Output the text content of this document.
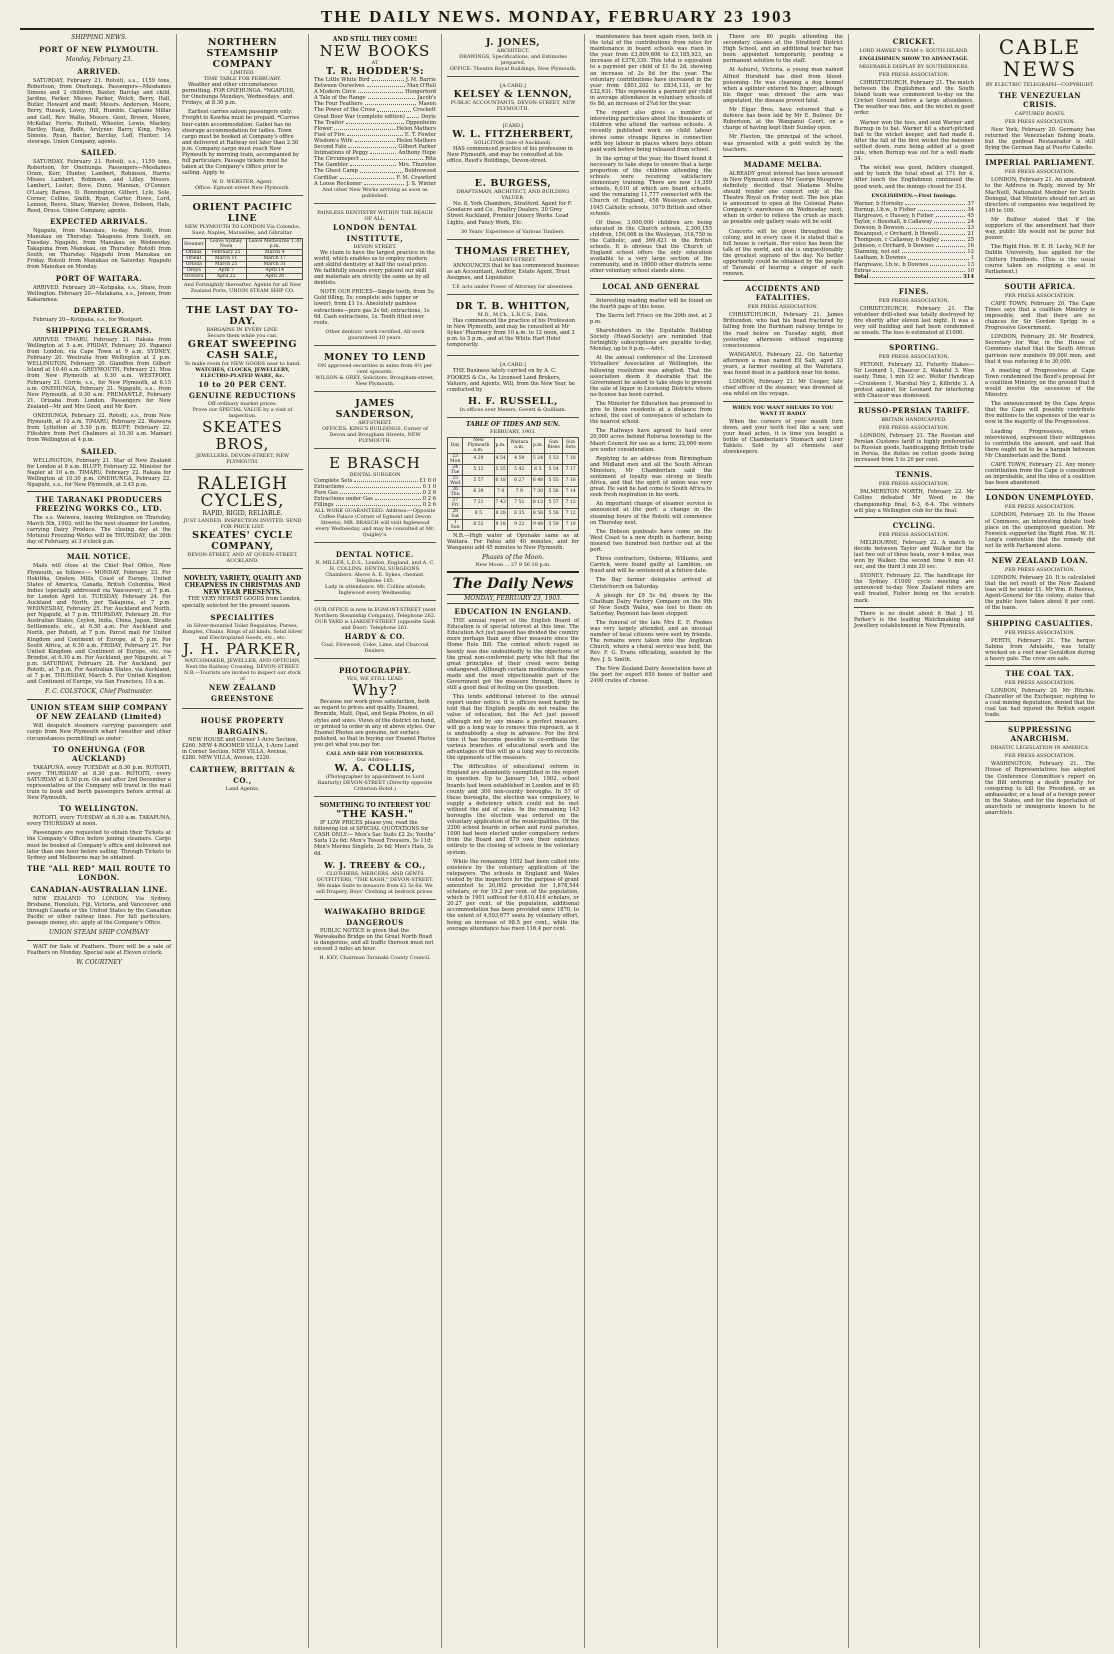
THE DAILY NEWS. MONDAY, FEBRUARY 23 1903
SHIPPING NEWS.
PORT OF NEW PLYMOUTH.
Monday, February 23.
ARRIVED.

SATURDAY, February 21. Rotoiti, s.s., 1159 tons, Robertson, from Onehunga. Passengers—Mesdames Simons and 2 children, Baxter, Barclay and child, Jardine, Parker, Misses Parker, Welch, Berry, Hall, Butler, Howard and maid; Messrs. Anderson, Moore, Berry, Rusack, Lovey, Hill, Humble. Captains Millar and Gell, Rev. Wallis, Messrs. Gent, Brown, Moore, McKellar, Ferris, Ruthell, Wheeler, Lewis, Mackey, Bartley, Haig, Roffe, Arvlyner. Barry, King, Foley, Simons, Ryan, Baxter, Barclay, Loff, Hunter; 14 steerage. Union Company, agents.

SAILED.

SATURDAY, February 21. Rotoiti, s.s., 1159 tons, Robertson, for Onehunga. Passengers—Mesdames Oram, Kerr, Hunter, Lambert, Robinson, Harris; Misses Lambert, Robinson, and Lilley. Messrs. Lambert, Lester, Bove, Dunn, Mannan, O'Connor, O'Leary, Barnes, D. Bonnington, Gilbert, Lyle, Sole, Corner, Collins, Smith, Ryan, Carter, Howe, Lord, Lennon, Reeve, Shaw, Wareler, Dowse, Dobson, Hale, Reed, Druce. Union Company, agents.

EXPECTED ARRIVALS.

Ngapuhi, from Manukau, to-day. Rotoiti, from Manukau on Thursday. Takapuna from South, on Tuesday. Ngapuhi, from Manukau on Wednesday. Takapuna from Manukau, on Thursday. Rotoiti from South, on Thursday. Ngapuhi from Manukau on Friday. Rotoiti from Manukau on Saturday. Ngapuhi from Manukau on Monday.

PORT OF WAITARA.

ARRIVED. February 20—Kotipaka, s.s., Shaw, from Wellington. February 20—Matakana, s.s., Jensen, from Kakaramea.

DEPARTED.

February 20—Kotipaka, s.s., for Westport.

SHIPPING TELEGRAMS.

ARRIVED. TIMARU, February 21. Rakaia from Wellington at 5 a.m. FRIDAY, February 20. Papanui from London, via Cape Town at 9 a.m. SYDNEY, February 20. Westralia from Wellington at 2 p.m. WELLINGTON, February 20. Glandfon from Gilbert Island at 10.40 a.m. GREYMOUTH, February 21. Moa from New Plymouth at 6.30 a.m. WESTPORT, February 21. Corrie, s.s., for New Plymouth, at 6.15 a.m. ONEHUNGA, February 21. Ngapuhi, s.s., from New Plymouth, at 9.30 a.m. FREMANTLE, February 21. Orizaba from London. Passengers for New Zealand—Mr and Mrs Good, and Mr Kerr.

ONEHUNGA, February 22. Rotoiti, s.s., from New Plymouth, at 10 a.m. TIMARU, February 22. Waiwera from Lyttelton at 5.50 p.m. BLUFF, February 22. Fifeshire from Port Chalmers at 10.30 a.m. Mamari from Wellington at 4 p.m.

SAILED.

WELLINGTON, February 21. Star of New Zealand for London at 8 a.m. BLUFF, February 22. Minister for Napier at 10 a.m. TIMARU, February 22. Rakaia for Wellington at 10.30 p.m. ONEHUNGA, February 22. Ngapuhi, s.s., for New Plymouth, at 3.45 p.m.

THE TARANAKI PRODUCERS FREEZING WORKS CO., LTD.

The s.s. Waiwera, leaving Wellington on Thursday, March 5th, 1903, will be the next steamer for London, carrying Dairy Produce. The closing day at the Motunui Freezing Works will be THURSDAY, the 26th day of February, at 3 o'clock p.m.

MAIL NOTICE.

Mails will close at the Chief Post Office, New Plymouth, as follows:— MONDAY, February 23. For Hokitika, Onslow, Mills, Coast of Europe, United States of America, Canada, British Columbia, West Indies (specially addressed via Vancouver), at 7 p.m. for London April 1st. TUESDAY, February 24. For Auckland and North, per Takapuna, at 7 p.m. WEDNESDAY, February 25. For Auckland and North, per Ngapuhi, at 7 p.m. THURSDAY, February 26. For Australian States, Ceylon, India, China, Japan, Straits Settlements, etc., at 6.30 a.m. For Auckland and North, per Rotoiti, at 7 p.m. Parcel mail for United Kingdom and Continent of Europe, at 5 p.m. For South Africa, at 6.30 a.m. FRIDAY, February 27. For United Kingdom and Continent of Europe, etc. via Brindisi, at 6.30 a.m. For Auckland, per Ngapuhi, at 7 p.m. SATURDAY, February 28. For Auckland, per Rotoiti, at 7 p.m. For Australian States, via Auckland, at 7 p.m. THURSDAY, March 5. For United Kingdom and Continent of Europe, via San Francisco, 10 a.m.

F. C. COLSTOCK, Chief Postmaster.
UNION STEAM SHIP COMPANY OF NEW ZEALAND (Limited)

Will despatch steamers carrying passengers and cargo from New Plymouth wharf (weather and other circumstances permitting) as under:

TO ONEHUNGA (FOR AUCKLAND)

TAKAPUNA, every TUESDAY at 8.30 p.m. ROTOITI, every THURSDAY at 8.30 p.m. ROTOITI, every SATURDAY at 8.30 p.m. On and after 2nd December a representative of the Company will travel in the mail train to book and berth passengers before arrival at New Plymouth.

TO WELLINGTON.

ROTOITI, every TUESDAY at 6.30 a.m. TAKAPUNA, every THURSDAY at noon.

Passengers are requested to obtain their Tickets at the Company's Office before joining steamers. Cargo must be booked at Company's office and delivered not later than one hour before sailing. Through Tickets to Sydney and Melbourne may be obtained.

THE "ALL RED" MAIL ROUTE TO LONDON.
CANADIAN-AUSTRALIAN LINE.

NEW ZEALAND TO LONDON, Via Sydney, Brisbane, Honolulu, Fiji, Victoria, and Vancouver, and through Canada or the United States by the Canadian Pacific or other railway lines. For full particulars, passage money, etc. apply at the Company's Office.

UNION STEAM SHIP COMPANY

WAIT for Sale of Feathers. There will be a sale of Feathers on Monday. Special sale at Eleven o'clock.

W. COURTNEY
NORTHERN STEAMSHIP COMPANY
LIMITED.
TIME TABLE FOR FEBRUARY.

Weather and other circumstances permitting. FOR ONEHUNGA. *NGAPUHI, for Onehunga Mondays, Wednesdays, and Fridays, at 8.30 p.m.

Earliest carries saloon passengers only. Freight to Kawhia must be prepaid. *Carries four-cabin accommodation. Gaikoi has no steerage accommodation for ladies. Town cargo must be booked at Company's office and delivered at Railway not later than 2.30 p.m. Company cargo must reach New Plymouth by morning train, accompanied by full particulars. Passage tickets must be taken at the Company's Office prior to sailing. Apply to

W. D. WEBSTER, Agent.
Office: Egmont-street New Plymouth.
ORIENT PACIFIC LINE
NEW PLYMOUTH TO LONDON Via Colombo, Suez, Naples, Marseilles, and Gibraltar.
Steamer	Leave Sydney Noon	Leave Melbourne 1.30 p.m.
Ormuz	February 25	March 4
Orient	March 11	March 17
Ortona	March 25	March 31
Oroya	April 7	April 14
Orotava	April 22	April 28
And Fortnightly thereafter. Agents for all New Zealand Ports, UNION STEAM SHIP CO.
THE LAST DAY TO-DAY.
BARGAINS IN EVERY LINE.
Secure them while you can.
GREAT SWEEPING CASH SALE,
To make room for NEW GOODS near to hand.
WATCHES, CLOCKS, JEWELLERY, ELECTRO-PLATED WARE, &c.
10 to 20 PER CENT. GENUINE REDUCTIONS
Off ordinary market prices.
Prove our SPECIAL VALUE by a visit of inspection.
SKEATES BROS,
JEWELLERS, DEVON-STREET, NEW PLYMOUTH.
RALEIGH CYCLES,
RAPID, RIGID, RELIABLE.
JUST LANDED. INSPECTION INVITED. SEND FOR PRICE LIST.
SKEATES' CYCLE COMPANY,
DEVON-STREET, AND AT QUEEN-STREET, AUCKLAND.
NOVELTY, VARIETY, QUALITY AND CHEAPNESS IN CHRISTMAS AND NEW YEAR PRESENTS.

THE VERY NEWEST GOODS from London, specially selected for the present season.

SPECIALITIES
In Silver-mounted Toilet Requisites, Purses, Bangles, Chains, Rings of all kinds, Solid Silver and Electroplated Goods, etc., etc.
J. H. PARKER,
WATCHMAKER, JEWELLER, AND OPTICIAN, Next the Railway Crossing, DEVON-STREET.
N.B.—Tourists are invited to inspect our stock of
NEW ZEALAND GREENSTONE
HOUSE PROPERTY BARGAINS.

NEW HOUSE and Corner 1-Acre Section, £260. NEW 4-ROOMED VILLA, 1-Acre Land in Corner Section. NEW VILLA, Avenue, £280. NEW VILLA, Avenue, £220.

CARTHEW, BRITTAIN & CO.,
Land Agents.
AND STILL THEY COME!
NEW BOOKS
AT
T. R. HODDER'S:
The Little White Bird	J. M. Barrie
Between Ourselves	Max O'Rell
A Modern Circe	Hungerford
A Tale of the Range	Jacob's
The Four Feathers	Mason
The Power of the Cross	Crockett
Great Boer War (complete edition)	Doyle
The Traitor	Oppenheim
Flower	Helen Mathers
Fuel of Fire	E. T. Fowler
Wisdom's Wife	Helen Mathers
Second Fate	Gilbert Parker
Intimations of Peggy	Anthony Hope
The Circumspect	Rita
The Gambler	Mrs. Thurston
The Ghost Camp	Boldrewood
Cardillac	F. M. Crawford
A Loose Reckoner	J. S. Winter
And other New Works arriving as soon as published.
PAINLESS DENTISTRY WITHIN THE REACH OF ALL.
LONDON DENTAL INSTITUTE,
DEVON STREET.

We claim to have the largest practice in the world, which enables us to employ modern and skilful dentistry at half the usual price. We faithfully ensure every patient our skill and materials are strictly the same as by all dentists.

NOTE OUR PRICES—Single tooth, from 5s; Gold filling, 5s; complete sets (upper or lower), from £1 1s. Absolutely painless extractions—pure gas 2s 6d; extractions, 1s 6d. Cash extractions, 1s. Tooth fitted over roots.

Other dentists' work rectified. All work guaranteed 10 years.
MONEY TO LEND
ON approved securities in sums from 4½ per cent upwards.
WILSON & GREY, Solicitors, Brougham-street, New Plymouth.
JAMES SANDERSON,
ART-STREET.
OFFICES: KING'S BUILDINGS. Corner of Devon and Brougham Streets, NEW PLYMOUTH.
E BRASCH
DENTAL SURGEON
Complete Sets	£1 0 0
Extractions	0 1 0
Pure Gas	0 2 6
Extractions under Gas	0 2 6
Fillings	0 2 6
ALL WORK GUARANTEED. Address:—Opposite Coffee Palace (Corner of Egmont and Devon Streets). MR. BRASCH will visit Inglewood every Wednesday, and may be consulted at Mr. Quigley's.
DENTAL NOTICE.
N. MILLER, L.D.S., London, England, and A. C. H. COLLINS, DENTAL SURGEONS.
Chambers: Above A. E. Sykes, chemist. Telephone 185.
Lady in attendance. Mr. Collins attends Inglewood every Wednesday.
OUR OFFICE is now in EGMONT-STREET (next Northern Steamship Company). Telephone 262.
OUR YARD is LIARDET-STREET (opposite Sash and Door). Telephone 261.
HARDY & CO.
Coal, Firewood, Coke, Lime, and Charcoal Dealers.
PHOTOGRAPHY.
YES, WE STILL LEAD.
Why?

Because our work gives satisfaction, both as regard to prices and quality. Enamel, Bromide, Matt, Opal, and Sepia Photos, in all styles and sizes. Views of the district on hand, or printed to order in any of above styles. Our Enamel Photos are genuine, not surface polished, so that in buying our Enamel Photos you get what you pay for.

CALL AND SEE FOR YOURSELVES.
Our Address—
W. A. COLLIS,
(Photographer by appointment to Lord Ranfurly) DEVON-STREET (Directly opposite Criterion Hotel.)
SOMETHING TO INTEREST YOU
"THE KASH."

IF LOW PRICES please you, read the following list of SPECIAL QUOTATIONS for CASH ONLY:— Men's Sac Suits £2 2s; Youths' Suits 12s 6d; Men's Tweed Trousers, 5s 11d; Men's Merino Singlets, 2s 6d; Men's Hats, 3s 6d.

W. J. TREEBY & CO.,
CLOTHIERS, MERCERS, AND GENTS OUTFITTERS, "THE KASH," DEVON-STREET.
We make Suits to measure from £2 5s 6d. We sell Drapery, Boys' Clothing at bedrock prices.
WAIWAKAIHO BRIDGE DANGEROUS

PUBLIC NOTICE is given that the Waiwakaiho Bridge on the Great North Road is dangerous, and all traffic thereon must not exceed 3 miles an hour.

H. KEY, Chairman Taranaki County Council.
J. JONES,
ARCHITECT.
DRAWINGS, Specifications, and Estimates prepared.
OFFICE: Theatre Royal Buildings, New Plymouth.
[A CARD.]
KELSEY & LENNON,
PUBLIC ACCOUNTANTS, DEVON-STREET, NEW PLYMOUTH.
[CARD.]
W. L. FITZHERBERT,
SOLICITOR (late of Auckland).

HAS commenced practice of his profession in New Plymouth, and may be consulted at his office, Reed's Buildings, Devon-street.

E. BURGESS,
DRAFTSMAN, ARCHITECT, AND BUILDING VALUER.

No. 8, York Chambers, Stratford. Agent for F. Goodacre and Co., Poultry Dealers, 30 Grey Street Auckland, Premier Joinery Works. Lead Lights, and Fancy Work, Etc.

30 Years' Experience of Various Timbers.
THOMAS FRETHEY,
LIARDET-STREET.

ANNOUNCES that he has commenced business as an Accountant, Auditor, Estate Agent, Trust Assignee, and Liquidator.

T.F. acts under Power of Attorney for absentees.
DR T. B. WHITTON,
M.D., M.Ch., L.R.C.S., Edin.

Has commenced the practice of his Profession in New Plymouth, and may be consulted at Mr Sykes' Pharmacy from 10 a.m. to 12 noon, and 3 p.m. to 5 p.m., and at the White Hart Hotel temporarily.

[A CARD.]

THE Business lately carried on by A. C. FOOKES & Co., As Licensed Land Brokers, Valuers, and Agents, Will, from the New Year, be conducted by

H. F. RUSSELL,
In offices over Messrs. Govett & Quilliam.
TABLE OF TIDES AND SUN.
FEBRUARY, 1903.
Day	New Plymouth a.m.	p.m.	Waitara a.m.	p.m.	Sun Rises	Sun Sets
23 Mon	4 29	4 54	4 59	5 24	5 53	7 18
24 Tue	5 12	5 35	5 42	6 5	5 54	7 17
25 Wed	5 57	6 18	6 27	6 48	5 55	7 16
26 Thu	6 39	7 0	7 9	7 30	5 56	7 14
27 Fri	7 21	7 43	7 51	8 13	5 57	7 13
28 Sat	8 5	8 28	8 35	8 58	5 58	7 12
1 Sun	8 52	9 18	9 22	9 48	5 59	7 10

N.B.—High water at Opunake same as at Waitara. For Patea add 40 minutes, and for Wanganui add 45 minutes to New Plymouth.

Phases of the Moon.
New Moon ... 27 9 56 18 p.m.
The Daily News
MONDAY, FEBRUARY 23, 1903.
EDUCATION IN ENGLAND.

THE annual report of the English Board of Education is of special interest at this time. The Education Act just passed has divided the country more perhaps than any other measure since the Home Rule Bill. The contest which raged so keenly was due undoubtedly to the objections of the great non-conformist party who felt that the great principles of their creed were being endangered. Although certain modifications were made and the most objectionable part of the Government got the measure through, there is still a good deal of feeling on the question.

This lends additional interest to the annual report under notice. It is officers need hardly be told that the English people do not realise the value of education, but the Act just passed although not by any means a perfect measure, will go a long way to remove this reproach, as it is undoubtedly a step in advance. For the first time it has become possible to co-ordinate the various branches of educational work and the advantages of this will go a long way to reconcile the opponents of the measure.

The difficulties of educational reform in England are abundantly exemplified in the report in question. Up to January 1st, 1902, school boards had been established in London and in 65 county and 300 non-county boroughs. In 57 of these boroughs, the election was compulsory, to supply a deficiency which could not be met without the aid of rates. In the remaining 143 boroughs the election was ordered on the voluntary application of the municipalities. Of the 2300 school boards in urban and rural parishes, 1000 had been elected under compulsory orders from the Board and 879 owe their existence entirely to the closing of schools in the voluntary system.

While the remaining 1052 had been called into existence by the voluntary application of the ratepayers. The schools in England and Wales visited by the inspectors for the purpose of grant amounted to 20,062 provided for 1,878,544 scholars, or for 19.2 per cent. of the population, which in 1901 sufficed for 6,610,416 scholars, or 20.27 per cent. of the population, additional accommodation has been provided since 1870, to the extent of 4,503,677 seats by voluntary effort, being an increase of 98.5 per cent., while the average attendance has risen 116.4 per cent.

maintenance has been again risen, both in the total of the contributions from rates for maintenance in board schools was risen in the year from £3,809,606 to £3,185,923, an increase of £376,339. This total is equivalent to a payment per child of £1 8s 2d, showing an increase of 2s 8d for the year. The voluntary contributions have increased in the year from £801,202 to £834,133, or by £32,931. This represents a payment per child in average attendance in voluntary schools of 6s 8d, an increase of 2¾d for the year.

The report also gives a number of interesting particulars about the thousands of children who attend the various schools. A recently published work on child labour shows some strange figures in connection with boy labour in places where boys obtain paid work before being released from school.

In the spring of the year, the Board found it necessary to take steps to ensure that a large proportion of the children attending the schools were receiving satisfactory elementary training. There are now 14,359 schools, 6,010 of which are board schools, and the remaining 11,777 connected with the Church of England, 458 Wesleyan schools, 1045 Catholic schools, 1079 British and other schools.

Of these, 3,000,000 children are being educated in the Church schools, 2,300,155 children, 156,068 in the Wesleyan, 316,750 in the Catholic, and 369,421 in the British schools. It is obvious that the Church of England school offers the only education available to a very large section of the community, and in 18000 other districts some other voluntary school stands alone.

LOCAL AND GENERAL

Interesting reading matter will be found on the fourth page of this issue.

The Sierra left Frisco on the 20th inst. at 2 p.m.

Shareholders in the Equitable Building Society (Head-Society) are reminded that fortnightly subscriptions are payable to-day, Monday, up to 9 p.m.—Advt.

At the annual conference of the Licensed Victuallers' Association at Wellington, the following resolution was adopted: That the association deem it desirable that the Government be asked to take steps to prevent the sale of liquor in Licensing Districts where no-license has been carried.

The Minister for Education has promised to give to those residents at a distance from school, the cost of conveyance of scholars to the nearest school.

The Railways have agreed to haul over 20,000 acres behind Rotorua township to the Maori Council for use as a farm; 22,000 more are under consideration.

Replying to an address from Birmingham and Midland men and all the South African Ministers, Mr Chamberlain said the sentiment of loyalty was strong in South Africa, and that the spirit of union was very great. He said he had come to South Africa to seek fresh inspiration in his work.

An important change of steamer service is announced at the port: a change in the steaming hours of the Rotoiti will commence on Thursday next.

The Dobson gunboats have come on the West Coast to a new depth in harbour, being moored two hundred feet further out at the port.

Three contractors, Osborne, Williams, and Carrick, were found guilty at Lambton, on fraud and will be sentenced at a future date.

The Bay farmer delegates arrived at Christchurch on Saturday.

A plough for £9 5s 6d, drawn by the Chatham Dairy Factory Company on the 9th of New South Wales, was lost to them on Saturday. Payment has been stopped.

The funeral of the late Mrs E. F. Fookes was very largely attended, and an unusual number of local citizens were sent by friends. The remains were taken into the Anglican Church, where a choral service was held, the Rev. F. G. Evans officiating, assisted by the Rev. J. S. Smith.

The New Zealand Dairy Association have at the port for export 650 boxes of butter and 2400 crates of cheese.

There are 80 pupils attending the secondary classes at the Stratford District High School, and an additional teacher has been appointed temporarily, pending a permanent solution to the staff.

At Ashurst, Victoria, a young man named Alfred Horsfield has died from blood-poisoning. He was cleaning a dog kennel when a splinter entered his finger; although his finger was dressed the arm was amputated, the disease proved fatal.

Mr Elgar Bros. have returned that a defence has been laid by Mr E. Bulmer, Dr. Robertson, at the Wanganui Court, on a charge of having kept their Sunday open.

Mr Flaxton, the principal of the school, was presented with a gold watch by the teachers.

MADAME MELBA.

ALREADY great interest has been aroused in New Plymouth since Mr George Musgrove definitely decided that Madame Melba should render one concert only at the Theatre Royal on Friday next. The box plan is announced to open at the Colonial Piano Company's warehouse on Wednesday next, when in order to relieve the crush as much as possible only gallery seats will be sold.

Concerts will be given throughout the colony, and in every case it is stated that a full house is certain. Her voice has been the talk of the world, and she is unquestionably the greatest soprano of the day. No better opportunity could be obtained by the people of Taranaki of hearing a singer of such renown.

ACCIDENTS AND FATALITIES.
PER PRESS ASSOCIATION.

CHRISTCHURCH, February 21. James Brittendon, who had his head fractured by falling from the Burnham railway bridge to the road below on Tuesday night, died yesterday afternoon without regaining consciousness.

WANGANUI, February 22. On Saturday afternoon a man named Ell Salt, aged 33 years, a farmer residing at the Waitotara, was found dead in a paddock near his home.

LONDON, February 21. Mr Cooper, late chief officer of the steamer, was drowned at sea whilst on the voyage.

WHEN YOU WANT SHEARS TO YOU WANT IT BADLY

When the corners of your mouth turn down, and your teeth feel like a saw, and your head aches, it is time you bought a bottle of Chamberlain's Stomach and Liver Tablets. Sold by all chemists and storekeepers.

CRICKET.
LORD HAWKE'S TEAM v. SOUTH ISLAND.
ENGLISHMEN SHOW TO ADVANTAGE.
MISERABLE DISPLAY BY SOUTHERNERS.
PER PRESS ASSOCIATION.

CHRISTCHURCH, February 21. The match between the Englishmen and the South Island team was commenced to-day on the Cricket Ground before a large attendance. The weather was fine, and the wicket in good order.

Warner won the toss, and sent Warner and Burnup in to bat. Warner hit a short-pitched ball to the wicket keeper, and had made 8. After the fall of the first wicket the batsmen settled down, runs being added at a good rate, when Burnup was out for a well made 34.

The wicket was good, fielders changed, and by lunch the total stood at 171 for 4. After lunch the Englishmen continued the good work, and the innings closed for 314.

ENGLISHMEN.—First Innings.
Warner, b Hornsby	37
Burnup, l.b.w., b Fisher	34
Hargreave, c Hussey, b Fisher	45
Taylor, c Boxshall, b Callaway	24
Dowson, b Dowson	23
Bosanquet, c Orchard, b Howell	21
Thompson, c Callaway, b Ougley	25
Johnson, c Orchard, b Downes	16
Stanning, not out	12
Leatham, b Downes	1
Hargreave, l.b.w., b Downes	13
Extras	10
Total	314
FINES.
PER PRESS ASSOCIATION.

CHRISTCHURCH, February 21. The volunteer drill-shed was totally destroyed by fire shortly after eleven last night. It was a very old building and had been condemned as unsafe. The loss is estimated at £1000.

SPORTING.
PER PRESS ASSOCIATION.

PETONE, February 22. Futurity Stakes—Sir Leonard 1, Chaucer 2, Wakeful 3. Won easily. Time, 1 min 12 sec. Welter Handicap—Cruiskeen 1, Marshal Ney 2, Kilbride 3. A protest against Sir Leonard for interfering with Chaucer was dismissed.

RUSSO-PERSIAN TARIFF.
BRITAIN HANDICAPPED.
PER PRESS ASSOCIATION.

LONDON, February 21. The Russian and Persian Customs tariff is highly preferential to Russian goods, handicapping British trade in Persia, the duties on cotton goods being increased from 5 to 20 per cent.

TENNIS.
PER PRESS ASSOCIATION.

PALMERSTON NORTH, February 22. Mr Collins defeated Mr Wood in the championship final, 6-3, 6-4. The winners will play a Wellington club for the final.

CYCLING.
PER PRESS ASSOCIATION.

MELBOURNE, February 22. A match to decide between Taylor and Walker for the last two out of three heats, over 4 miles, was won by Walker, the second time 9 min 41 sec, and the third 3 min 20 sec.

SYDNEY, February 22. The handicaps for the Sydney £1000 cycle meeting are announced to-day. New Zealand riders are well treated, Fisher being on the scratch mark.

There is no doubt about it that J. H. Parker's is the leading Watchmaking and Jewellery establishment in New Plymouth.

CABLE NEWS
BY ELECTRIC TELEGRAPH—COPYRIGHT.
THE VENEZUELAN CRISIS.
CAPTURED BOATS.
PER PRESS ASSOCIATION.

New York, February 20. Germany has returned the Venezuelan fishing boats, but the gunboat Restaurador is still flying the German flag at Puerto Cabello.

IMPERIAL PARLIAMENT.
PER PRESS ASSOCIATION.

LONDON, February 21. An amendment to the Address in Reply, moved by Mr MacNeill, Nationalist Member for South Donegal, that Ministers should not act as directors of companies was negatived by 149 to 109.

Mr Balfour stated that if the supporters of the amendment had their way, public life would not be purer but poorer.

The Right Hon. W. E. H. Lecky, M.P. for Dublin University, has applied for the Chiltern Hundreds. (This is the usual course taken on resigning a seat in Parliament.)

SOUTH AFRICA.
PER PRESS ASSOCIATION.

CAPE TOWN, February 20. The Cape Times says that a coalition Ministry is impossible, and that there are no chances for Sir Gordon Sprigg in a Progressive Government.

LONDON, February 20. Mr Brodrick, Secretary for War, in the House of Commons stated that the South African garrison now numbers 89,000 men, and that it was reducing it to 30,000.

A meeting of Progressives at Cape Town condemned the Bond's proposal for a coalition Ministry, on the ground that it would involve the secession of the Ministry.

The announcement by the Cape Argus that the Cape will possibly contribute five millions to the expenses of the war is now in the majority of the Progressives.

Leading Progressives, when interviewed, expressed their willingness to contribute the amount, and said that there ought not to be a bargain between Mr Chamberlain and the Bond.

CAPE TOWN, February 21. Any money contribution from the Cape is considered an improbable, and the idea of a coalition has been abandoned.

LONDON UNEMPLOYED.
PER PRESS ASSOCIATION.

LONDON, February 20. In the House of Commons, an interesting debate took place on the unemployed question. Mr Fenwick supported the Right Hon. W. H. Long's contention that the remedy did not lie with Parliament alone.

NEW ZEALAND LOAN.
PER PRESS ASSOCIATION.

LONDON, February 20. It is calculated that the net result of the New Zealand loan will be under £1. Mr Wm. P. Reeves, Agent-General for the colony, states that the public have taken about 8 per cent. of the loans.

SHIPPING CASUALTIES.
PER PRESS ASSOCIATION.

PERTH, February 21. The barque Sabina from Adelaide, was totally wrecked on a reef near Geraldton during a heavy gale. The crew are safe.

THE COAL TAX.
PER PRESS ASSOCIATION.

LONDON, February 20. Mr Ritchie, Chancellor of the Exchequer, replying to a coal mining deputation, denied that the coal tax had injured the British export trade.

SUPPRESSING ANARCHISM.
DRASTIC LEGISLATION IN AMERICA.
PER PRESS ASSOCIATION.

WASHINGTON, February 21. The House of Representatives has adopted the Conference Committee's report on the Bill ordering a death penalty for conspiring to kill the President, or an ambassador, or a head of a foreign power in the States, and for the deportation of anarchists or immigrants known to be anarchists.
